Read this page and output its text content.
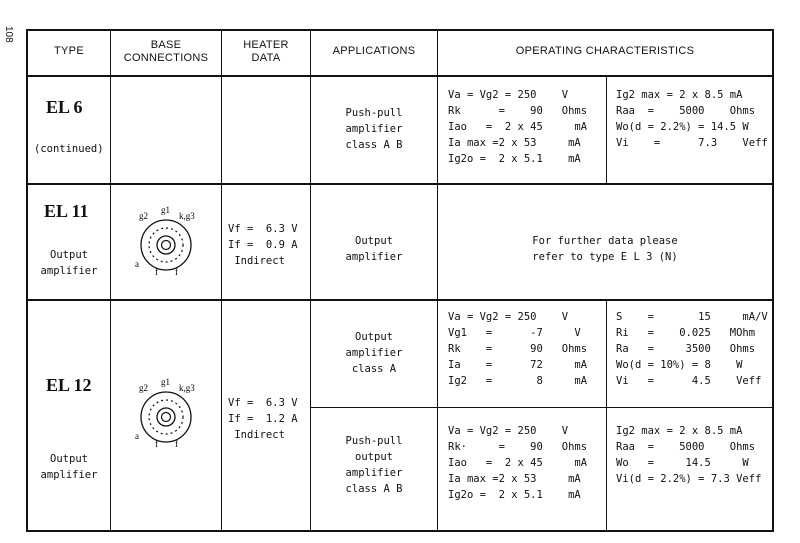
108
TYPE	BASE
CONNECTIONS
HEATER
DATA
APPLICATIONS	OPERATING CHARACTERISTICS
EL 6
(continued)
Push-pull
amplifier
class A B
Va = Vg2 = 250    V
Rk      =    90   Ohms
Iao   =  2 x 45     mA
Ia max =2 x 53     mA
Ig2o =  2 x 5.1    mA
Ig2 max = 2 x 8.5 mA
Raa  =    5000    Ohms
Wo(d = 2.2%) = 14.5 W
Vi    =      7.3    Veff
EL 11
Output
amplifier
g2
g1
k,g3
a
f f
Vf =  6.3 V
If =  0.9 A
Indirect
Output
amplifier
For further data please
refer to type E L 3 (N)
EL 12
Output
amplifier
g2
g1
k,g3
a
f f
Vf =  6.3 V
If =  1.2 A
Indirect
Output
amplifier
class A
Va = Vg2 = 250    V
Vg1   =      -7     V
Rk    =      90   Ohms
Ia    =      72     mA
Ig2   =       8     mA
S    =       15     mA/V
Ri   =    0.025   MOhm
Ra   =     3500   Ohms
Wo(d = 10%) = 8    W
Vi   =      4.5    Veff
Push-pull
output
amplifier
class A B
Va = Vg2 = 250    V
Rk·     =    90   Ohms
Iao   =  2 x 45     mA
Ia max =2 x 53     mA
Ig2o =  2 x 5.1    mA
Ig2 max = 2 x 8.5 mA
Raa  =    5000    Ohms
Wo   =     14.5     W
Vi(d = 2.2%) = 7.3 Veff
